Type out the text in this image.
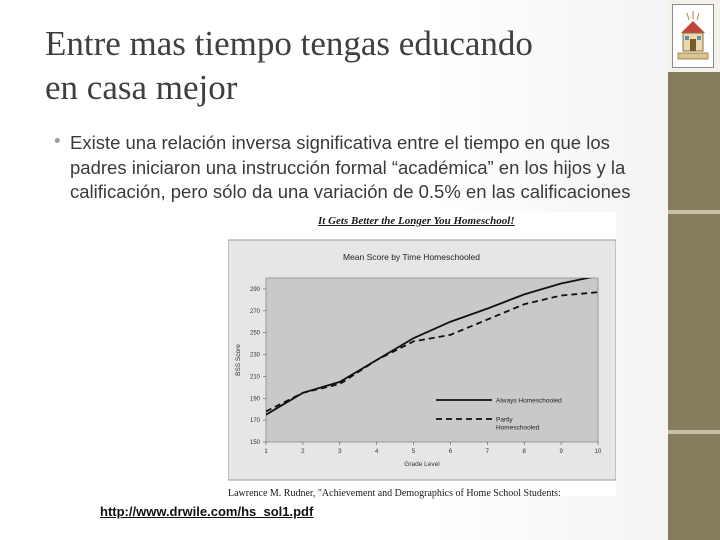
Entre mas tiempo tengas educando
en casa mejor
• Existe una relación inversa significativa entre el tiempo en que los padres iniciaron una instrucción formal “académica” en los hijos y la calificación, pero sólo da una variación de 0.5% en las calificaciones
It Gets Better the Longer You Homeschool!
Mean Score by Time Homeschooled
150
170
190
210
230
250
270
290
1	2	3	4	5	6	7	8	9	10
Grade Level
BSS Score
Always Homeschooled
Partly Homeschooled
Lawrence M. Rudner, "Achievement and Demographics of Home School Students:
http://www.drwile.com/hs_sol1.pdf
